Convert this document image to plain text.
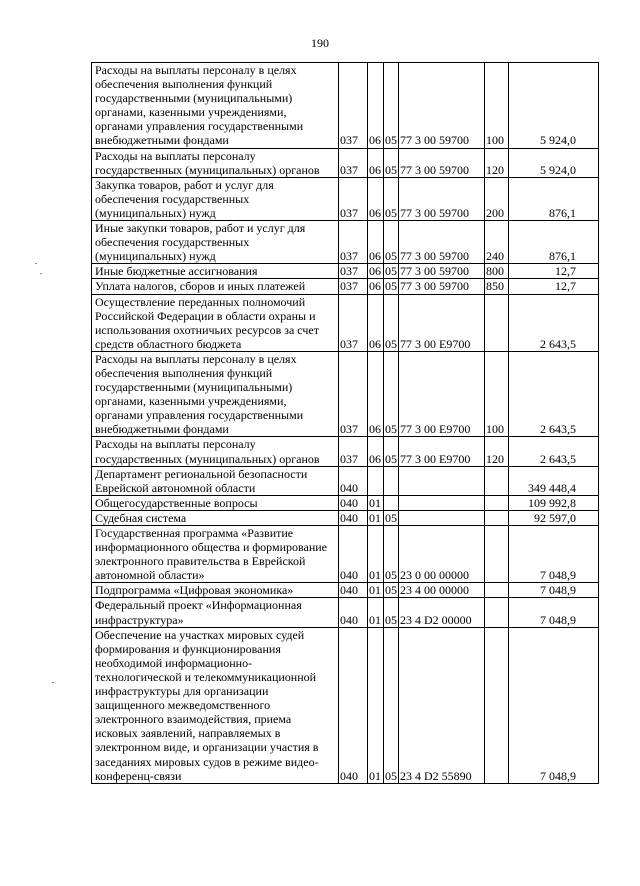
190
Расходы на выплаты персоналу в целях обеспечения выполнения функций государственными (муниципальными) органами, казенными учреждениями, органами управления государственными внебюджетными фондами	037	06	05	77 3 00 59700	100	5 924,0
Расходы на выплаты персоналу государственных (муниципальных) органов	037	06	05	77 3 00 59700	120	5 924,0
Закупка товаров, работ и услуг для обеспечения государственных (муниципальных) нужд	037	06	05	77 3 00 59700	200	876,1
Иные закупки товаров, работ и услуг для обеспечения государственных (муниципальных) нужд	037	06	05	77 3 00 59700	240	876,1
Иные бюджетные ассигнования	037	06	05	77 3 00 59700	800	12,7
Уплата налогов, сборов и иных платежей	037	06	05	77 3 00 59700	850	12,7
Осуществление переданных полномочий Российской Федерации в области охраны и использования охотничьих ресурсов за счет средств областного бюджета	037	06	05	77 3 00 E9700		2 643,5
Расходы на выплаты персоналу в целях обеспечения выполнения функций государственными (муниципальными) органами, казенными учреждениями, органами управления государственными внебюджетными фондами	037	06	05	77 3 00 E9700	100	2 643,5
Расходы на выплаты персоналу государственных (муниципальных) органов	037	06	05	77 3 00 E9700	120	2 643,5
Департамент региональной безопасности Еврейской автономной области	040					349 448,4
Общегосударственные вопросы	040	01				109 992,8
Судебная система	040	01	05			92 597,0
Государственная программа «Развитие информационного общества и формирование электронного правительства в Еврейской автономной области»	040	01	05	23 0 00 00000		7 048,9
Подпрограмма «Цифровая экономика»	040	01	05	23 4 00 00000		7 048,9
Федеральный проект «Информационная инфраструктура»	040	01	05	23 4 D2 00000		7 048,9
Обеспечение на участках мировых судей формирования и функционирования необходимой информационно-технологической и телекоммуникационной инфраструктуры для организации защищенного межведомственного электронного взаимодействия, приема исковых заявлений, направляемых в электронном виде, и организации участия в заседаниях мировых судов в режиме видео-конференц-связи	040	01	05	23 4 D2 55890		7 048,9
